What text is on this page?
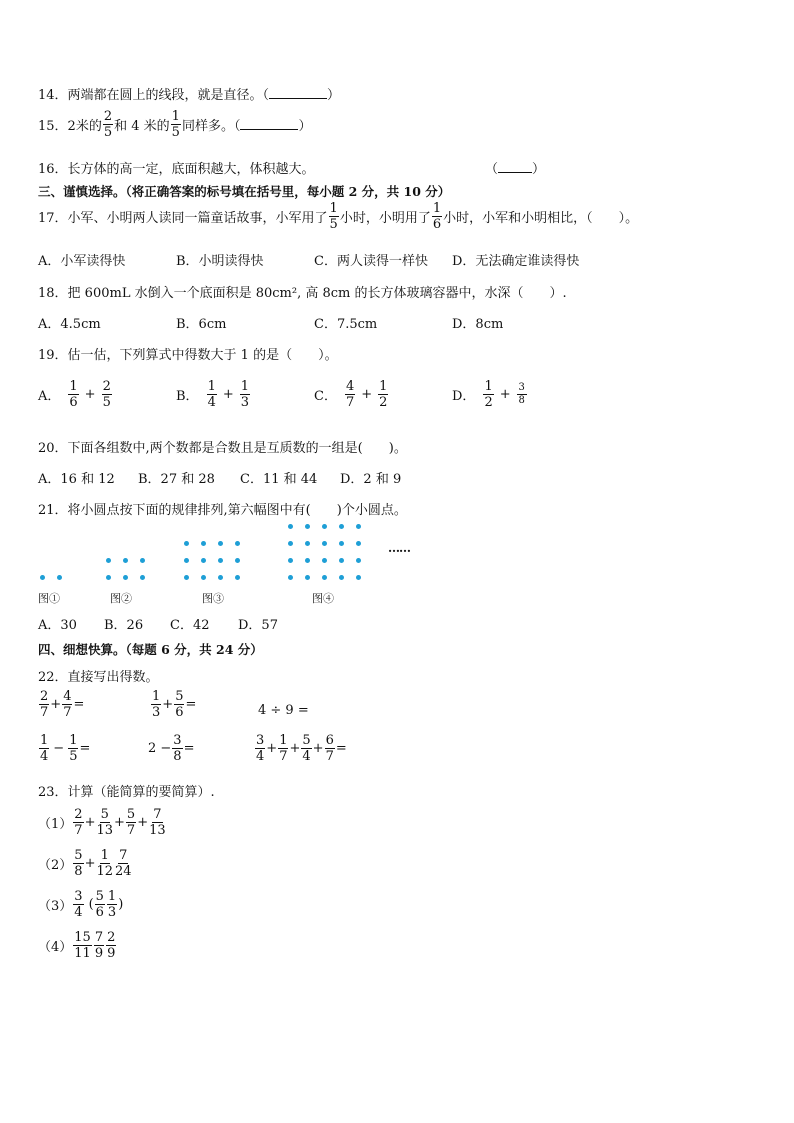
14．两端都在圆上的线段，就是直径。（	）
15．2米的 $\frac{2}{5}$ 和 4 米的 $\frac{1}{5}$ 同样多。（	）
16．长方体的高一定，底面积越大，体积越大。	（	）
三、谨慎选择。（将正确答案的标号填在括号里，每小题 2 分，共 10 分）
17．小军、小明两人读同一篇童话故事，小军用了 $\frac{1}{5}$ 小时，小明用了 $\frac{1}{6}$ 小时，小军和小明相比，（　　）。
A．小军读得快	B．小明读得快	C．两人读得一样快 D．无法确定谁读得快
18．把 600mL 水倒入一个底面积是 80cm², 高 8cm 的长方体玻璃容器中，水深（　　）.
A．4.5cm	B．6cm	C．7.5cm	D．8cm
19．估一估，下列算式中得数大于 1 的是（　　）。
A． $\frac{1}{6} + \frac{2}{5}$	B． $\frac{1}{4} + \frac{1}{3}$	C． $\frac{4}{7} + \frac{1}{2}$	D． $\frac{1}{2} + \frac{3}{8}$
20．下面各组数中,两个数都是合数且是互质数的一组是(　　)。
A．16 和 12 B．27 和 28 C．11 和 44 D．2 和 9
21．将小圆点按下面的规律排列,第六幅图中有(　　)个小圆点。
……
图①	图②	图③	图④
A．30 B．26 C．42 D．57
四、细想快算。（每题 6 分，共 24 分）
22．直接写出得数。
$\frac{2}{7} + \frac{4}{7}$ =	$\frac{1}{3} + \frac{5}{6}$ =	4 ÷ 9 =
$\frac{1}{4} - \frac{1}{5}$ =	$2 - \frac{3}{8}$ =	$\frac{3}{4} + \frac{1}{7} + \frac{5}{4} + \frac{6}{7}$ =
23．计算（能简算的要简算）.
$(1) \frac{2}{7} + \frac{5}{13} + \frac{5}{7} + \frac{7}{13}$
$(2) \frac{5}{8} + \frac{1}{12} \frac{7}{24}$
$(3) \frac{3}{4}$ ( $\frac{5}{6} \frac{1}{3}$ )
$(4) \frac{15}{11} \frac{7}{9} \frac{2}{9}$
